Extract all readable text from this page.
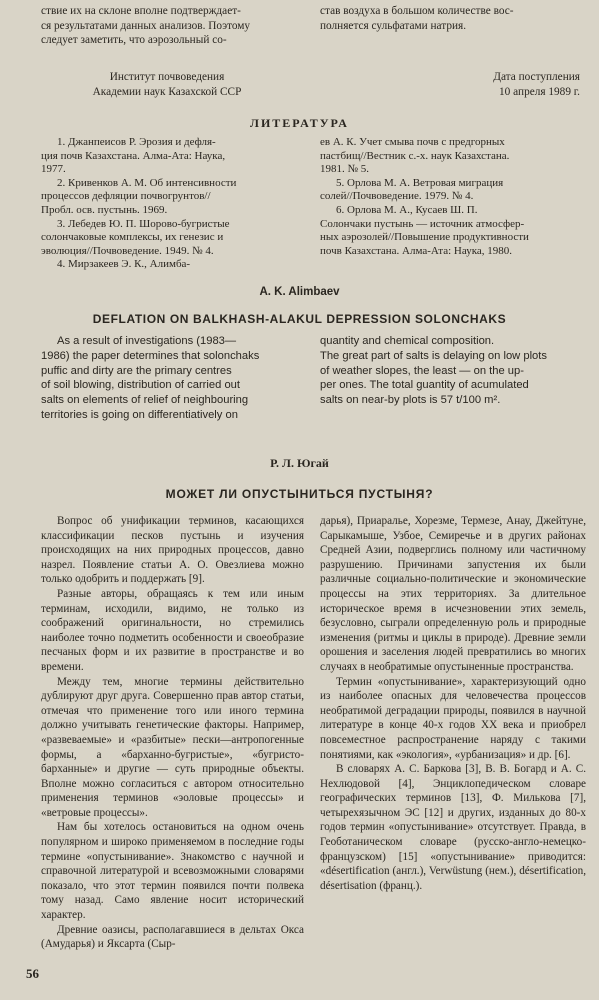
ствие их на склоне вполне подтверждает-
ся результатами данных анализов. Поэтому
следует заметить, что аэрозольный со-
став воздуха в большом количестве вос-
полняется сульфатами натрия.
Институт почвоведения
Академии наук Казахской ССР
Дата поступления
10 апреля 1989 г.
ЛИТЕРАТУРА

1. Джанпеисов Р. Эрозия и дефля-

ция почв Казахстана. Алма-Ата: Наука,

1977.

2. Кривенков А. М. Об интенсивности

процессов дефляции почвогрунтов//

Пробл. осв. пустынь. 1969.

3. Лебедев Ю. П. Шорово-бугристые

солончаковые комплексы, их генезис и

эволюция//Почвоведение. 1949. № 4.

4. Мирзакеев Э. К., Алимба-

ев А. К. Учет смыва почв с предгорных

пастбищ//Вестник с.-х. наук Казахстана.

1981. № 5.

5. Орлова М. А. Ветровая миграция

солей//Почвоведение. 1979. № 4.

6. Орлова М. А., Кусаев Ш. П.

Солончаки пустынь — источник атмосфер-

ных аэрозолей//Повышение продуктивности

почв Казахстана. Алма-Ата: Наука, 1980.

A. K. Alimbaev
DEFLATION ON BALKHASH-ALAKUL DEPRESSION SOLONCHAKS
As a result of investigations (1983—
1986) the paper determines that solonchaks
puffic and dirty are the primary centres
of soil blowing, distribution of carried out
salts on elements of relief of neighbouring
territories is going on differentiatively on
quantity and chemical composition.
The great part of salts is delaying on low plots
of weather slopes, the least — on the up-
per ones. The total guantity of acumulated
salts on near-by plots is 57 t/100 m².
Р. Л. Югай
МОЖЕТ ЛИ ОПУСТЫНИТЬСЯ ПУСТЫНЯ?

Вопрос об унификации терминов, касающихся классификации песков пустынь и изучения происходящих на них природных процессов, давно назрел. Появление статьи А. О. Овезлиева можно только одобрить и поддержать [9].

Разные авторы, обращаясь к тем или иным терминам, исходили, видимо, не только из соображений оригинальности, но стремились наиболее точно подметить особенности и своеобразие песчаных форм и их развитие в пространстве и во времени.

Между тем, многие термины действительно дублируют друг друга. Совершенно прав автор статьи, отмечая что применение того или иного термина должно учитывать генетические факторы. Например, «развеваемые» и «разбитые» пески—антропогенные формы, а «барханно-бугристые», «бугристо-барханные» и другие — суть природные объекты. Вполне можно согласиться с автором относительно применения терминов «эоловые процессы» и «ветровые процессы».

Нам бы хотелось остановиться на одном очень популярном и широко применяемом в последние годы термине «опустынивание». Знакомство с научной и справочной литературой и всевозможными словарями показало, что этот термин появился почти полвека тому назад. Само явление носит исторический характер.

Древние оазисы, располагавшиеся в дельтах Окса (Амударья) и Яксарта (Сыр-

дарья), Приаралье, Хорезме, Термезе, Анау, Джейтуне, Сарыкамыше, Узбое, Семиречье и в других районах Средней Азии, подверглись полному или частичному разрушению. Причинами запустения их были различные социально-политические и экономические процессы на этих территориях. За длительное историческое время в исчезновении этих земель, безусловно, сыграли определенную роль и природные изменения (ритмы и циклы в природе). Древние земли орошения и заселения людей превратились во многих случаях в необратимые опустыненные пространства.

Термин «опустынивание», характеризующий одно из наиболее опасных для человечества процессов необратимой деградации природы, появился в научной литературе в конце 40-х годов XX века и приобрел повсеместное распространение наряду с такими понятиями, как «экология», «урбанизация» и др. [6].

В словарях А. С. Барковa [3], В. В. Богард и А. С. Нехлюдовой [4], Энциклопедическом словаре географических терминов [13], Ф. Милькова [7], четырехязычном ЭС [12] и других, изданных до 80-х годов термин «опустынивание» отсутствует. Правда, в Геоботаническом словаре (русско-англо-немецко-французском) [15] «опустынивание» приводится: «désertification (англ.), Verwüstung (нем.), désertification, désertisation (франц.).

56
